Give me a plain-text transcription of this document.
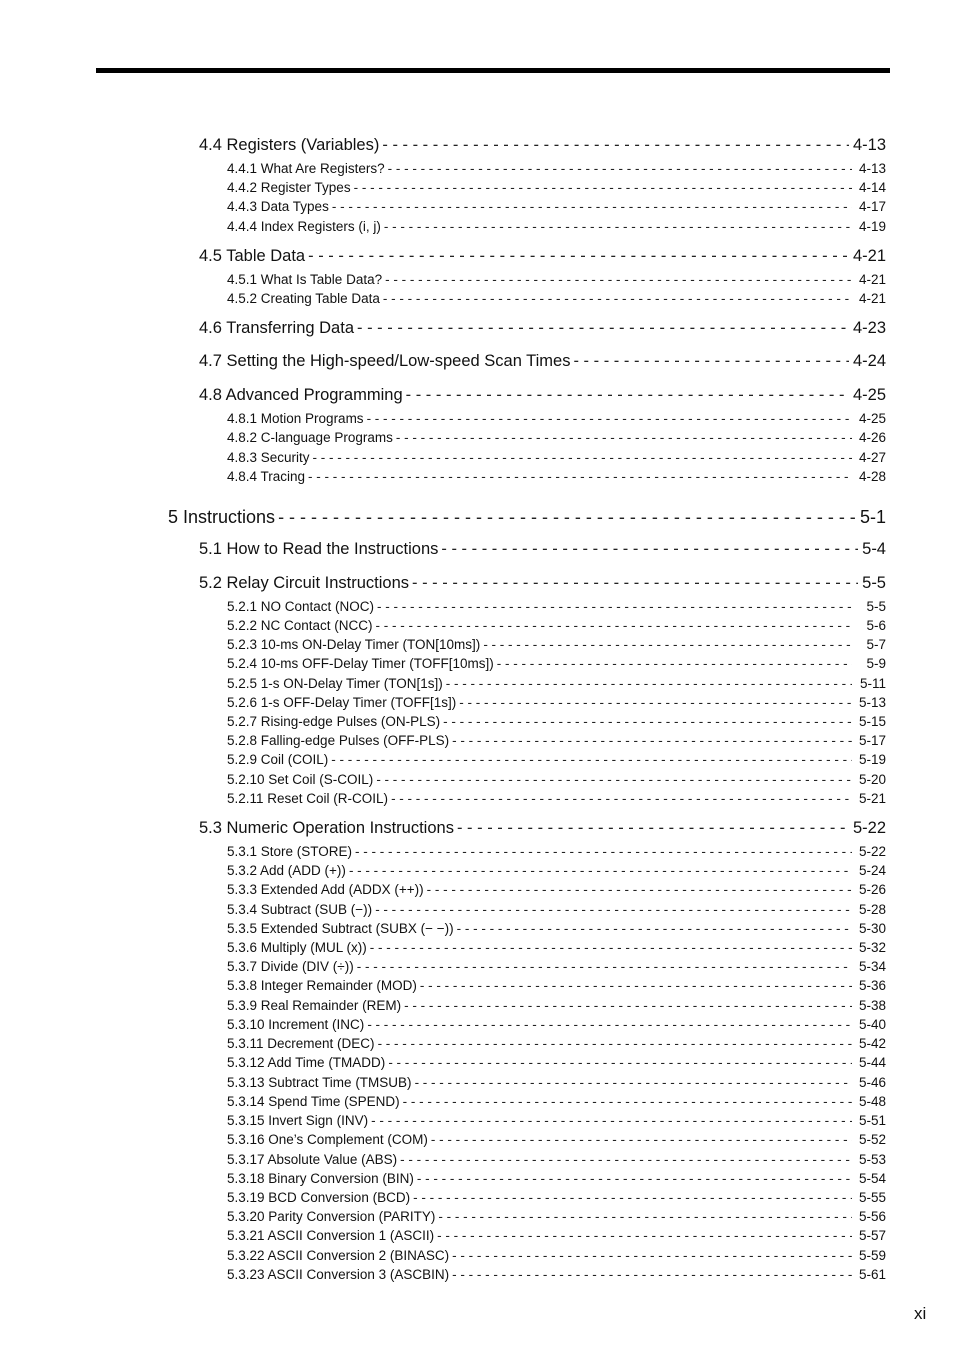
4.4 Registers (Variables) - - -	4-13
4.4.1 What Are Registers? - - -	4-13
4.4.2 Register Types - - -	4-14
4.4.3 Data Types - - -	4-17
4.4.4 Index Registers (i, j) - - -	4-19
4.5 Table Data - - -	4-21
4.5.1 What Is Table Data? - - -	4-21
4.5.2 Creating Table Data - - -	4-21
4.6 Transferring Data - - -	4-23
4.7 Setting the High-speed/Low-speed Scan Times - - -	4-24
4.8 Advanced Programming - - -	4-25
4.8.1 Motion Programs - - -	4-25
4.8.2 C-language Programs - - -	4-26
4.8.3 Security - - -	4-27
4.8.4 Tracing - - -	4-28
5 Instructions - - -	5-1
5.1 How to Read the Instructions - - -	5-4
5.2 Relay Circuit Instructions - - -	5-5
5.2.1 NO Contact (NOC) - - -	5-5
5.2.2 NC Contact (NCC) - - -	5-6
5.2.3 10-ms ON-Delay Timer (TON[10ms]) - - -	5-7
5.2.4 10-ms OFF-Delay Timer (TOFF[10ms]) - - -	5-9
5.2.5 1-s ON-Delay Timer (TON[1s]) - - -	5-11
5.2.6 1-s OFF-Delay Timer (TOFF[1s]) - - -	5-13
5.2.7 Rising-edge Pulses (ON-PLS) - - -	5-15
5.2.8 Falling-edge Pulses (OFF-PLS) - - -	5-17
5.2.9 Coil (COIL) - - -	5-19
5.2.10 Set Coil (S-COIL) - - -	5-20
5.2.11 Reset Coil (R-COIL) - - -	5-21
5.3 Numeric Operation Instructions - - -	5-22
5.3.1 Store (STORE) - - -	5-22
5.3.2 Add (ADD (+)) - - -	5-24
5.3.3 Extended Add (ADDX (++)) - - -	5-26
5.3.4 Subtract (SUB (−)) - - -	5-28
5.3.5 Extended Subtract (SUBX (− −)) - - -	5-30
5.3.6 Multiply (MUL (x)) - - -	5-32
5.3.7 Divide (DIV (÷)) - - -	5-34
5.3.8 Integer Remainder (MOD) - - -	5-36
5.3.9 Real Remainder (REM) - - -	5-38
5.3.10 Increment (INC) - - -	5-40
5.3.11 Decrement (DEC) - - -	5-42
5.3.12 Add Time (TMADD) - - -	5-44
5.3.13 Subtract Time (TMSUB) - - -	5-46
5.3.14 Spend Time (SPEND) - - -	5-48
5.3.15 Invert Sign (INV) - - -	5-51
5.3.16 One’s Complement (COM) - - -	5-52
5.3.17 Absolute Value (ABS) - - -	5-53
5.3.18 Binary Conversion (BIN) - - -	5-54
5.3.19 BCD Conversion (BCD) - - -	5-55
5.3.20 Parity Conversion (PARITY) - - -	5-56
5.3.21 ASCII Conversion 1 (ASCII) - - -	5-57
5.3.22 ASCII Conversion 2 (BINASC) - - -	5-59
5.3.23 ASCII Conversion 3 (ASCBIN) - - -	5-61
xi
